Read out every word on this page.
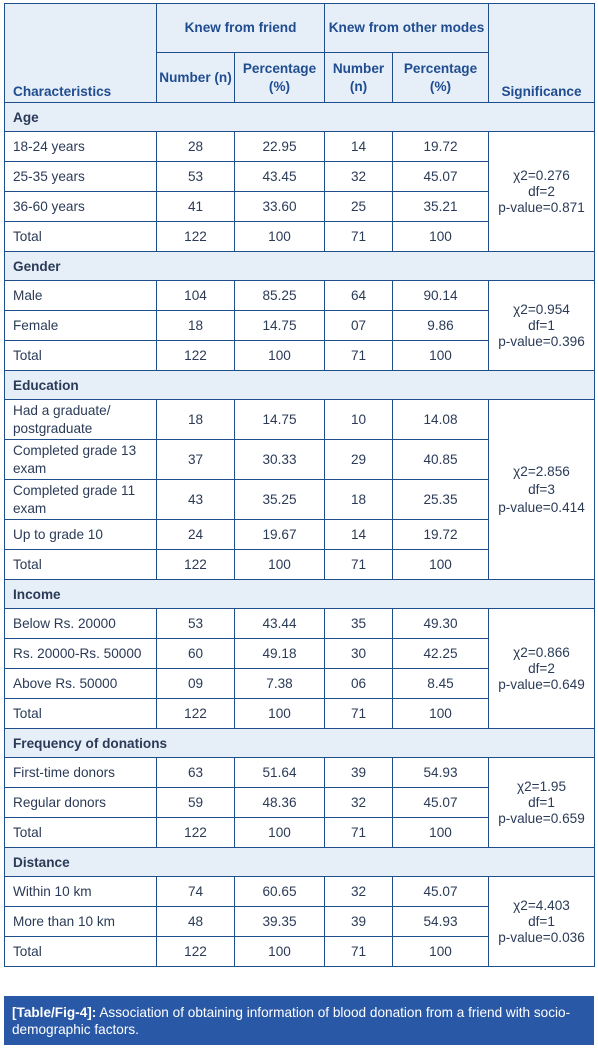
Characteristics	Knew from friend		Knew from other modes		Significance
	Number (n)	Percentage (%)	Number (n)	Percentage (%)	
Age					
18-24 years	28	22.95	14	19.72	χ2=0.276
df=2
p-value=0.871

25-35 years	53	43.45	32	45.07	
36-60 years	41	33.60	25	35.21	
Total	122	100	71	100	
Gender					
Male	104	85.25	64	90.14	χ2=0.954
df=1
p-value=0.396

Female	18	14.75	07	9.86	
Total	122	100	71	100	
Education					
Had a graduate/ postgraduate	18	14.75	10	14.08	χ2=2.856
df=3
p-value=0.414

Completed grade 13 exam	37	30.33	29	40.85	
Completed grade 11 exam	43	35.25	18	25.35	
Up to grade 10	24	19.67	14	19.72	
Total	122	100	71	100	
Income					
Below Rs. 20000	53	43.44	35	49.30	χ2=0.866
df=2
p-value=0.649

Rs. 20000-Rs. 50000	60	49.18	30	42.25	
Above Rs. 50000	09	7.38	06	8.45	
Total	122	100	71	100	
Frequency of donations					
First-time donors	63	51.64	39	54.93	χ2=1.95
df=1
p-value=0.659

Regular donors	59	48.36	32	45.07	
Total	122	100	71	100	
Distance					
Within 10 km	74	60.65	32	45.07	χ2=4.403
df=1
p-value=0.036

More than 10 km	48	39.35	39	54.93	
Total	122	100	71	100	
[Table/Fig-4]: Association of obtaining information of blood donation from a friend with socio-demographic factors.
